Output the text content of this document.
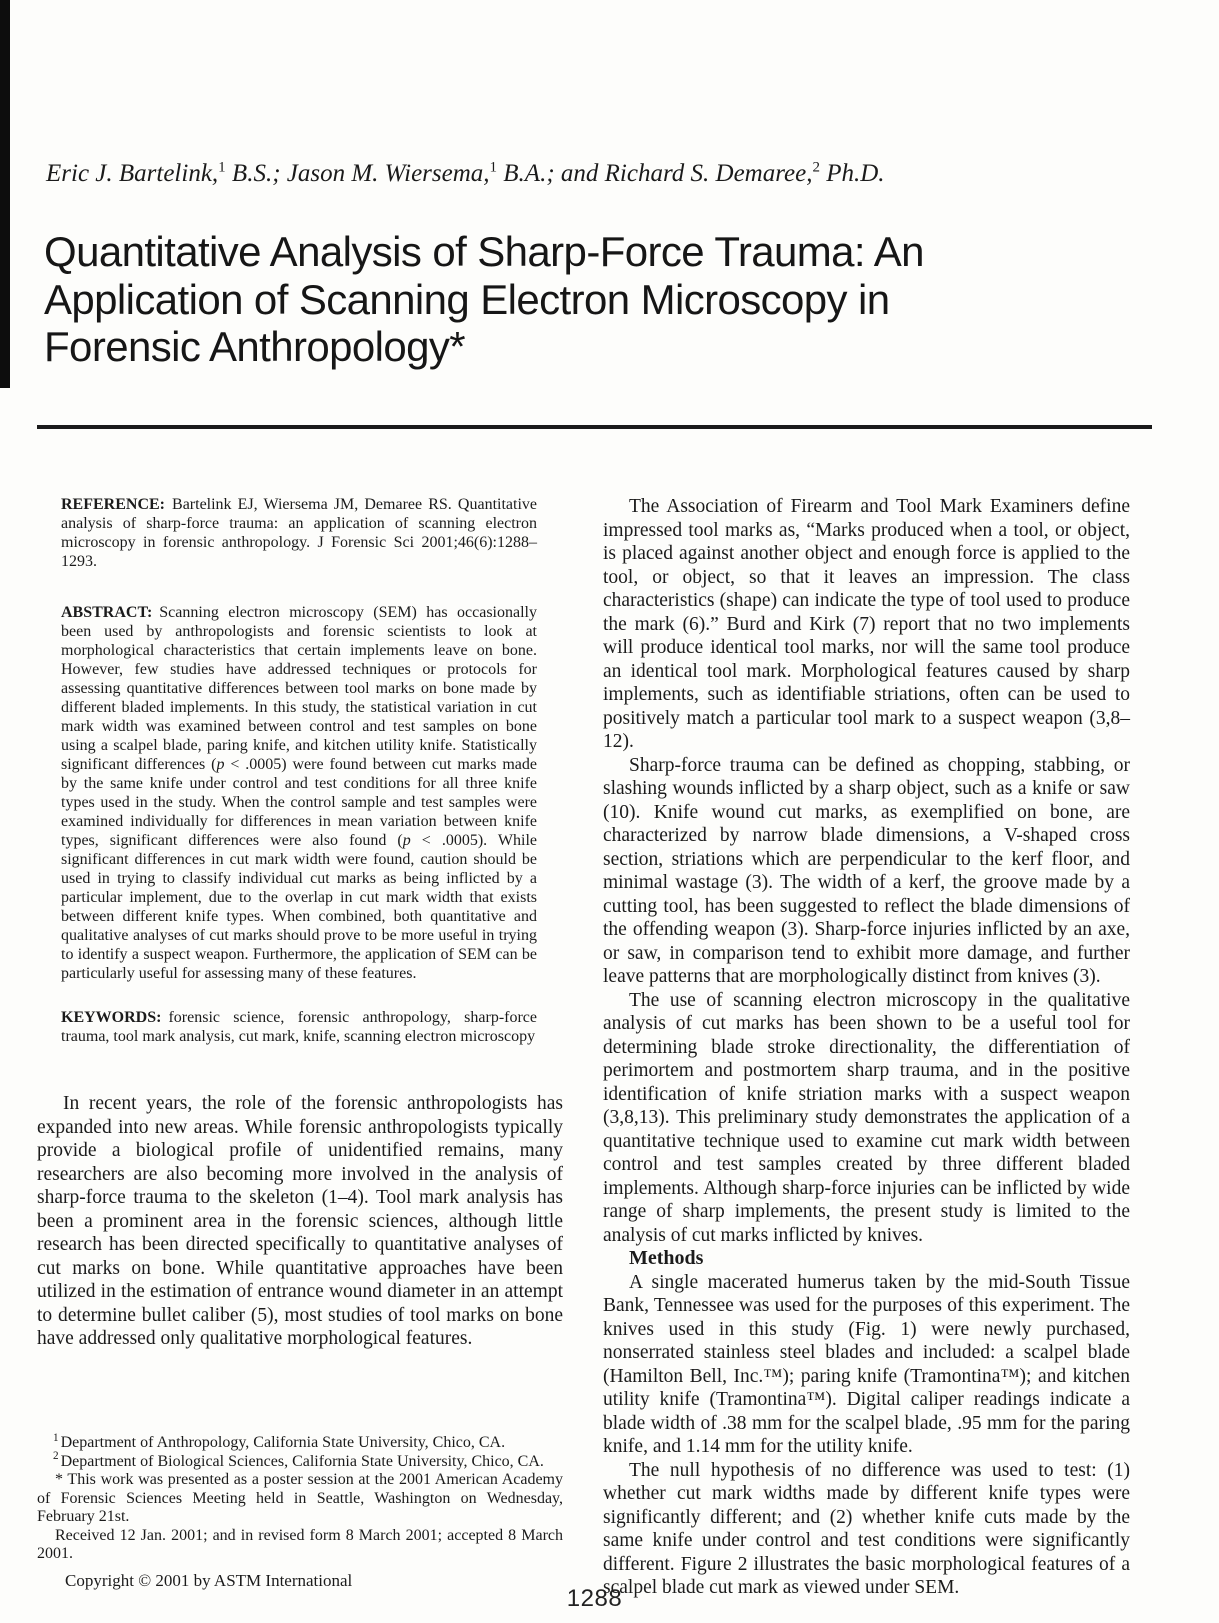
Eric J. Bartelink,$^1$ B.S.; Jason M. Wiersema,$^1$ B.A.; and Richard S. Demaree,$^2$ Ph.D.
Quantitative Analysis of Sharp-Force Trauma: An
Application of Scanning Electron Microscopy in
Forensic Anthropology*
REFERENCE: Bartelink EJ, Wiersema JM, Demaree RS. Quantitative analysis of sharp-force trauma: an application of scanning electron microscopy in forensic anthropology. J Forensic Sci 2001;46(6):1288–1293.
ABSTRACT: Scanning electron microscopy (SEM) has occasionally been used by anthropologists and forensic scientists to look at morphological characteristics that certain implements leave on bone. However, few studies have addressed techniques or protocols for assessing quantitative differences between tool marks on bone made by different bladed implements. In this study, the statistical variation in cut mark width was examined between control and test samples on bone using a scalpel blade, paring knife, and kitchen utility knife. Statistically significant differences (p < .0005) were found between cut marks made by the same knife under control and test conditions for all three knife types used in the study. When the control sample and test samples were examined individually for differences in mean variation between knife types, significant differences were also found (p < .0005). While significant differences in cut mark width were found, caution should be used in trying to classify individual cut marks as being inflicted by a particular implement, due to the overlap in cut mark width that exists between different knife types. When combined, both quantitative and qualitative analyses of cut marks should prove to be more useful in trying to identify a suspect weapon. Furthermore, the application of SEM can be particularly useful for assessing many of these features.
KEYWORDS: forensic science, forensic anthropology, sharp-force trauma, tool mark analysis, cut mark, knife, scanning electron microscopy

In recent years, the role of the forensic anthropologists has expanded into new areas. While forensic anthropologists typically provide a biological profile of unidentified remains, many researchers are also becoming more involved in the analysis of sharp-force trauma to the skeleton (1–4). Tool mark analysis has been a prominent area in the forensic sciences, although little research has been directed specifically to quantitative analyses of cut marks on bone. While quantitative approaches have been utilized in the estimation of entrance wound diameter in an attempt to determine bullet caliber (5), most studies of tool marks on bone have addressed only qualitative morphological features.

$^1$ Department of Anthropology, California State University, Chico, CA.

$^2$ Department of Biological Sciences, California State University, Chico, CA.

* This work was presented as a poster session at the 2001 American Academy of Forensic Sciences Meeting held in Seattle, Washington on Wednesday, February 21st.

Received 12 Jan. 2001; and in revised form 8 March 2001; accepted 8 March 2001.

The Association of Firearm and Tool Mark Examiners define impressed tool marks as, “Marks produced when a tool, or object, is placed against another object and enough force is applied to the tool, or object, so that it leaves an impression. The class characteristics (shape) can indicate the type of tool used to produce the mark (6).” Burd and Kirk (7) report that no two implements will produce identical tool marks, nor will the same tool produce an identical tool mark. Morphological features caused by sharp implements, such as identifiable striations, often can be used to positively match a particular tool mark to a suspect weapon (3,8–12).

Sharp-force trauma can be defined as chopping, stabbing, or slashing wounds inflicted by a sharp object, such as a knife or saw (10). Knife wound cut marks, as exemplified on bone, are characterized by narrow blade dimensions, a V-shaped cross section, striations which are perpendicular to the kerf floor, and minimal wastage (3). The width of a kerf, the groove made by a cutting tool, has been suggested to reflect the blade dimensions of the offending weapon (3). Sharp-force injuries inflicted by an axe, or saw, in comparison tend to exhibit more damage, and further leave patterns that are morphologically distinct from knives (3).

The use of scanning electron microscopy in the qualitative analysis of cut marks has been shown to be a useful tool for determining blade stroke directionality, the differentiation of perimortem and postmortem sharp trauma, and in the positive identification of knife striation marks with a suspect weapon (3,8,13). This preliminary study demonstrates the application of a quantitative technique used to examine cut mark width between control and test samples created by three different bladed implements. Although sharp-force injuries can be inflicted by wide range of sharp implements, the present study is limited to the analysis of cut marks inflicted by knives.

Methods

A single macerated humerus taken by the mid-South Tissue Bank, Tennessee was used for the purposes of this experiment. The knives used in this study (Fig. 1) were newly purchased, nonserrated stainless steel blades and included: a scalpel blade (Hamilton Bell, Inc.™); paring knife (Tramontina™); and kitchen utility knife (Tramontina™). Digital caliper readings indicate a blade width of .38 mm for the scalpel blade, .95 mm for the paring knife, and 1.14 mm for the utility knife.

The null hypothesis of no difference was used to test: (1) whether cut mark widths made by different knife types were significantly different; and (2) whether knife cuts made by the same knife under control and test conditions were significantly different. Figure 2 illustrates the basic morphological features of a scalpel blade cut mark as viewed under SEM.

Copyright © 2001 by ASTM International
1288
